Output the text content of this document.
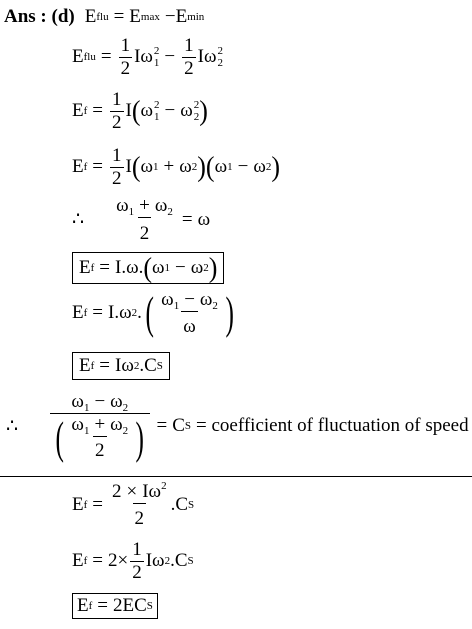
Ans : (d) E flu = E max − E min
E flu = $\frac{1}{2}$ I ω 2
$1 - \frac{1}{2}$ I ω 2
2
E $f = \frac{1}{2}$ I ( ω 2
1 − ω 2
2 )
E $f = \frac{1}{2}$ I ( ω 1 + ω 2 ) ( ω 1 − ω 2 )
∴ $\frac{\omega_1 + \omega_2}{2} = \omega$
E f = I.ω. ( ω 1 − ω 2 )
E f = I. ω 2 . ( $\frac{\omega_1 - \omega_2}{\omega}$ )
E f = I ω 2 . C S
∴ $\frac{\omega_1 - \omega_2}{( \frac{\omega_1 + \omega_2}{2} )} = C$ S = coefficient of fluctuation of speed
E $f = \frac{2 \times I\omega^2}{2}$ . C S
E $f = 2 \times \frac{1}{2}$ I ω 2 . C S
E f = 2E C S
